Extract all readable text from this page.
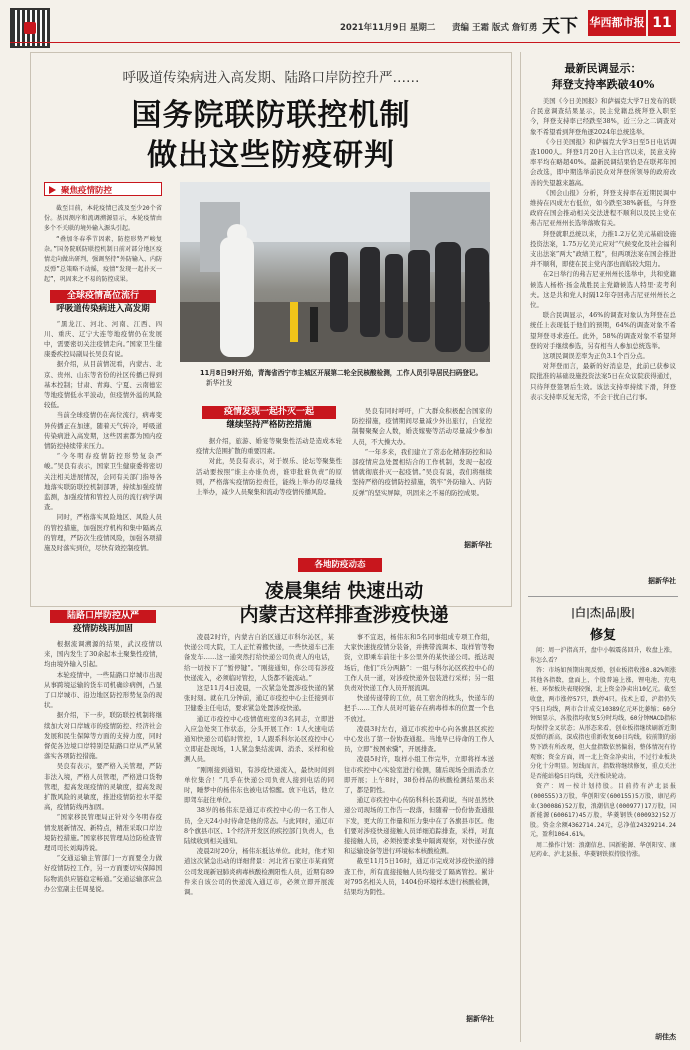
2021年11月9日 星期二 责编 王霜 版式 詹钉勇 天下 华西都市报 11
呼吸道传染病进入高发期、陆路口岸防控升严……
国务院联防联控机制
做出这些防疫研判
聚焦疫情防控

截至目前，本轮疫情已波及至少20个省份。基因测序和流调溯源显示，本轮疫情由多个不关联的境外输入源头引起。

“叠加冬春季节因素，防控形势严峻复杂。”国务院联防联控机制日前对部分地区疫情走向做出研判，强调坚持“外防输入、内防反弹”总策略不动摇，疫情“发现一起扑灭一起”，巩固来之不易的防控成果。

全球疫情高位流行
呼吸道传染病进入高发期

“黑龙江、河北、河南、江西、四川、重庆、辽宁大连等地疫情仍在发展中，需要密切关注疫情走向。”国家卫生健康委疾控局副局长吴良有说。

据介绍，从目前情况看，内蒙古、北京、贵州、山东等省份的社区传播已得到基本控制；甘肃、青海、宁夏、云南德宏等地疫情低水平波动，但疫情外溢的风险较低。

当前全球疫情仍在高位流行，病毒变异传播正在加速，随着天气转冷，呼吸道传染病进入高发期，这些因素都为国内疫情防控持续带来压力。

“今冬明春疫情防控形势复杂严峻。”吴良有表示，国家卫生健康委将密切关注相关进展情况，会同有关部门指导各地落实联防联控机制部署，持续加强疫情监测，加强疫情和管控人员的流行病学调查。

同时，严格落实风险地区、风险人员的管控措施，加强医疗机构和集中隔离点的管理，严防次生疫情风险，加强各项措施及时落实到位，尽快有效控制疫情。

11月8日9时开始，青海省西宁市主城区开展第二轮全民核酸检测，工作人员引导居民扫码登记。 新华社发
疫情发现一起扑灭一起
继续坚持严格防控措施

据介绍，旅游、婚宴等聚集性活动是造成本轮疫情大范围扩散的重要因素。

对此，吴良有表示，对于娱乐、论坛等聚集性活动要按照“谁主办谁负责，谁审批谁负责”的原则，严格落实疫情防控责任，能线上举办的尽量线上举办，减少人员聚集和流动等疫情传播风险。

吴良有同时呼吁，广大群众积极配合国家的防控措施，疫情期间尽量减少外出旅行，自觉控制餐聚聚会人数，婚丧嫁娶等活动尽量减少参加人员，不大操大办。

“一年多来，我们建立了常态化精准防控和局部疫情应急处置相结合的工作机制，发现一起疫情就彻底扑灭一起疫情。”吴良有说，我们将继续坚持严格的疫情防控措施，筑牢“外防输入、内防反弹”的坚实屏障，巩固来之不易的防控成果。

据新华社
各地防疫动态
凌晨集结 快速出动
内蒙古这样排查涉疫快递
陆路口岸防控从严
疫情防线再加固

根据流调溯源的结果，武汉疫情以来，国内发生了30余起本土聚集性疫情，均由境外输入引起。

本轮疫情中，一些陆路口岸城市出现从事跨境运输的货车司机确诊病例，凸显了口岸城市、沿边地区防控形势复杂的现状。

据介绍，下一步，联防联控机制将继续加大对口岸城市的疫情防控、经济社会发展和民生保障等方面的支持力度，同时督促各边境口岸特别是陆路口岸从严从紧落实各项防控措施。

吴良有表示，要严格入关管理，严防非法入境，严格人员管理，严格进口货物管理，提高发现疫情的灵敏度，提高发现扩散风险的灵敏度，推进疫情防控水平提高，疫情防线再加固。

“国家移民管理局正针对今冬明春疫情发展新情况、新特点，精准采取口岸边境防控措施。”国家移民管理局边防检查管理司司长刘海涛说。

“交通运输主管部门一方面要全力做好疫情防控工作，另一方面要切实保障国际物流供应链稳定畅通。”交通运输部应急办公室副主任周旻说。

凌晨2时许，内蒙古自治区通辽市科尔沁区，某快递公司大院，工人正忙着搬快递，一些快递车已准备发车……这一通突然打给快递公司负责人的电话，给一切按下了“暂停键”。“刚接通知，你公司有涉疫快递流入，必须临时管控，人货都不能流动。”

这是11月4日凌晨，一次紧急处置涉疫快递的紧张时刻。就在几分钟前，通辽市疫控中心主任接到市卫健委主任电话，要求紧急处置涉疫快递。

通辽市疫控中心疫情值班室的3名同志，立即进入应急处突工作状态，分头开展工作：1人火速电话通知快递公司临时管控，1人跟系科尔沁区疫控中心立即赶赴现场，1人紧急集结流调、消杀、采样和检测人员。

“刚刚接到通知，有涉疫快递流入，最快时间到单位集合！”几乎在快递公司负责人接到电话的同时，睡梦中的杨伟东也被电话惊醒。放下电话，他立即驾车赶往单位。

38岁的杨伟东是通辽市疾控中心的一名工作人员，全天24小时待命是他的常态。与此同时，通辽市8个旗县市区、1个经济开发区的疾控部门负责人，也陆续收到相关通知。

凌晨2时20分，杨伟东抵达单位。此时，他才知道这次紧急出动的详细背景：河北省石家庄市某商贸公司发现新冠肺炎病毒核酸检测阳性人员，近期有89件来自该公司的快递流入通辽市，必须立即开展流调。

事不宜迟，杨伟东和5名同事组成专项工作组，大家快速拢疫情分装备，并携带流调本、取样管等物资，立即乘车前往十多公里外的某快递公司。抵达现场后，他们“兵分两路”：一组与科尔沁区疾控中心的工作人员一道，对涉疫快递外包装进行采样；另一组负责对快递工作人员开展流调。

快递传递带的工位，员工宿舍的枕头，快递车的把手……工作人员对可能存在病毒样本的位置一个也不放过。

凌晨3时左右，通辽市疾控中心向各旗县区疾控中心发出了第一份协查通报。当地早已待命的工作人员，立即“按图索骥”，开展排查。

凌晨5时许，取样小组工作完毕，立即将样本送往市疾控中心实验室进行检测，随后现场全面消杀立即开展；上午8时，38份样品的核酸检测结果出来了，都是阴性。

通辽市疾控中心传防科科长聂莉说，当时虽然快递公司现场的工作告一段落，但随着一份份协查通报下发，更大的工作量和压力集中在了各旗县市区。他们要对涉疫快递接触人员详细追踪排查，采样，对直接接触人员，必须按要求集中隔离观察，对快递存放和运输设备等进行环境标本核酸检测。

截至11月5日16时，通辽市完成对涉疫快递的排查工作，所有直接接触人员均接受了隔离管控。累计对795名相关人员，1404份环境样本进行核酸检测，结果均为阴性。

据新华社
最新民调显示：
拜登支持率跌破40%

美国《今日美国报》和萨福克大学7日发布的联合民意调查结果显示，民主党籍总统拜登入职至今，拜登支持率已经跌至38%，近三分之二调查对象不希望看到拜登角逐2024年总统选举。

《今日美国报》和萨福克大学3日至5日电话调查1000人。拜登1月20日入主白宫以来，民意支持率平均在略超40%。最新民调结果恰是在联邦年国会改选，即中期选举前民众对拜登所领导的政府改善的失望越来越高。

《国会山报》分析，拜登支持率在近期民调中维持在四成左右低位，如今跌至38%新低，与拜登政府在国会推动相关交法进程不顺利以及民主党在弗吉尼亚州州长选举落败有关。

拜登就职总统以来，力推1.2万亿美元基础设施投资法案，1.75万亿美元应对“气候变化及社会福利支出法案”两大“政绩工程”，但两项法案在国会推进并不顺利，即使在民主党内部也面临较大阻力。

在2日举行的弗吉尼亚州州长选举中，共和党籍候选人杨格·扬金战胜民主党籍候选人特里·麦考利夫。这是共和党人时隔12年夺回弗吉尼亚州州长之位。

联合民调显示，46%的调查对象认为拜登在总统任上表现低于他们的预期，64%的调查对象不希望拜登寻求连任。此外，58%的调查对象不希望拜登的对手继续参选，另有相当人参加总统选举。

这项民调误差率为正负3.1个百分点。

对拜登而言，最新的好消息是，此前已获参议院批准的基础设施投资法案5日在众议院获得通过，只待拜登签署后生效。该法支持率持续下滑，拜登表示支持率反复无常，不会干扰自己行事。

据新华社
|白|杰|品|股|
修复

问：周一沪指高开，盘中小幅震荡回升，收盘上涨，你怎么看？

答：市场如预期出现反弹，创业板指收涨0.82%领涨其他各指数，盘面上，个股普遍上涨，锂电池、充电桩、环保板块表现较强，北上资金净卖出10亿元。截至收盘，两市涨停57只，跌停4只。技术上看，沪指仍失守5日均线，两市合计成交10389亿元环比萎缩；60分钟图显示，各股指均收复5分时均线，60分钟MACD指标均保持金叉状态；从形态来看，创业板指继续刷新近期反弹的新高，深成指也重新收复60日均线，较前期的弱势下跌有所改观，但大盘指数依然偏弱，整体情况有待观察；资金方面，周一北上资金净卖出，不过行业板块分化十分明显。短线而言，指数将继续修复，重点关注是否能站稳5日均线，关注板块轮动。

资产：周一按计划持股。目前持有泸北县报(000555)3万股，华创阳安(600155)5万股，康尼药业(300086)52万股，浪潮信息(000977)17万股，国新能源(600617)45万股，华菱钢铁(000932)52万股。资金余额4362714.24元，总净值24329214.24元，盈利1064.61%。

周二操作计划：浪潮信息、国新能源、华创阳安、康尼药业、泸北县报、华菱钢铁拟持股待涨。

胡佳杰
